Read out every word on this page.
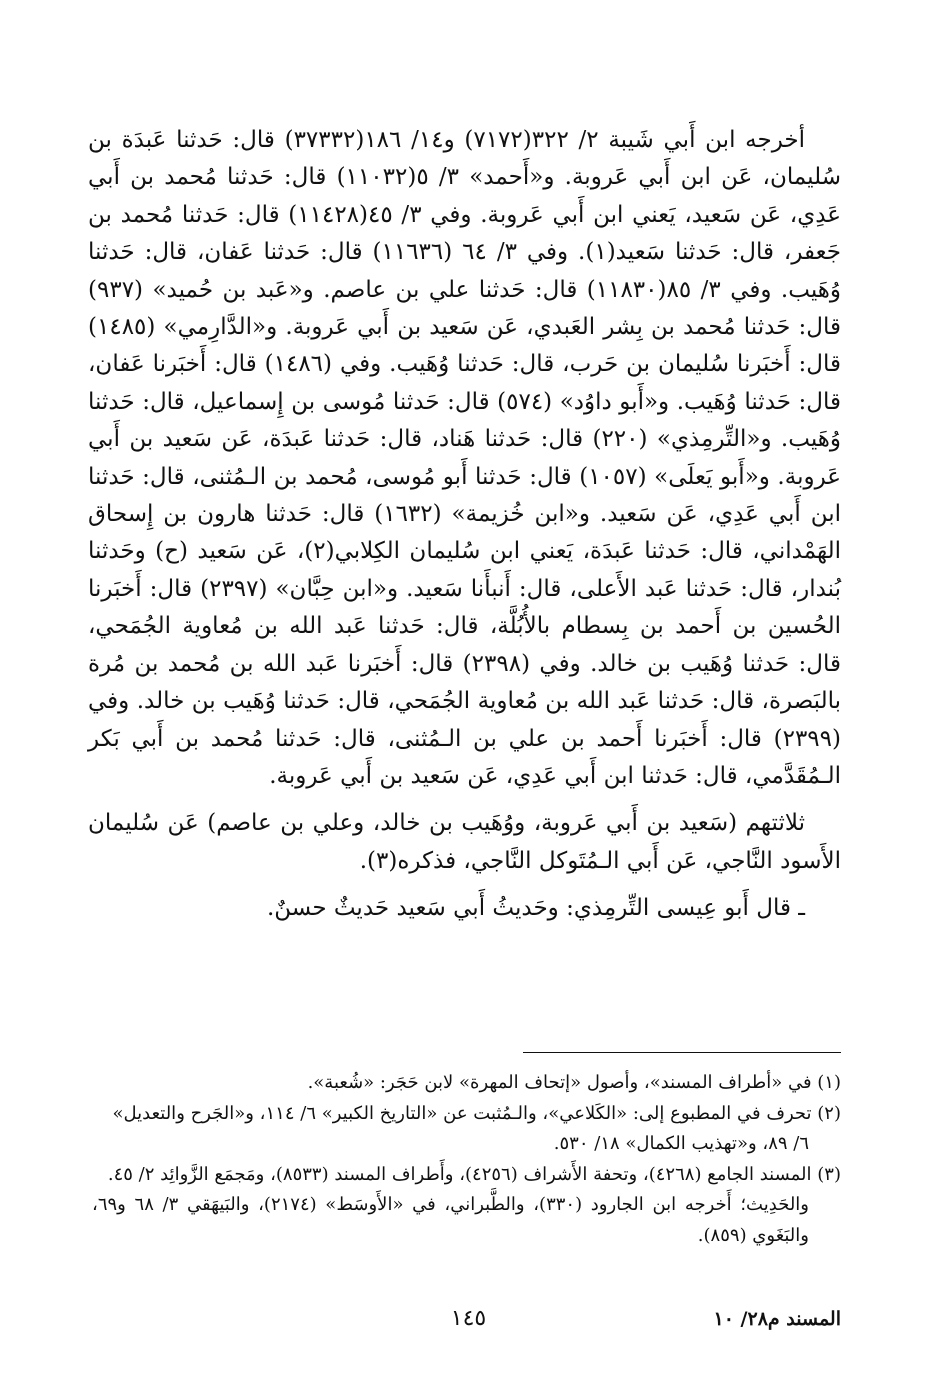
أخرجه ابن أَبي شَيبة ٢/ ٣٢٢(٧١٧٢) و١٤/ ١٨٦(٣٧٣٣٢) قال: حَدثنا عَبدَة بن سُليمان، عَن ابن أَبي عَروبة. و«أَحمد» ٣/ ٥(١١٠٣٢) قال: حَدثنا مُحمد بن أَبي عَدِي، عَن سَعيد، يَعني ابن أَبي عَروبة. وفي ٣/ ٤٥(١١٤٢٨) قال: حَدثنا مُحمد بن جَعفر، قال: حَدثنا سَعيد(١). وفي ٣/ ٦٤ (١١٦٣٦) قال: حَدثنا عَفان، قال: حَدثنا وُهَيب. وفي ٣/ ٨٥(١١٨٣٠) قال: حَدثنا علي بن عاصم. و«عَبد بن حُميد» (٩٣٧) قال: حَدثنا مُحمد بن بِشر العَبدي، عَن سَعيد بن أَبي عَروبة. و«الدَّارِمي» (١٤٨٥) قال: أَخبَرنا سُليمان بن حَرب، قال: حَدثنا وُهَيب. وفي (١٤٨٦) قال: أَخبَرنا عَفان، قال: حَدثنا وُهَيب. و«أَبو داوُد» (٥٧٤) قال: حَدثنا مُوسى بن إِسماعيل، قال: حَدثنا وُهَيب. و«التِّرمِذي» (٢٢٠) قال: حَدثنا هَناد، قال: حَدثنا عَبدَة، عَن سَعيد بن أَبي عَروبة. و«أَبو يَعلَى» (١٠٥٧) قال: حَدثنا أَبو مُوسى، مُحمد بن الـمُثنى، قال: حَدثنا ابن أَبي عَدِي، عَن سَعيد. و«ابن خُزيمة» (١٦٣٢) قال: حَدثنا هارون بن إِسحاق الهَمْداني، قال: حَدثنا عَبدَة، يَعني ابن سُليمان الكِلابي(٢)، عَن سَعيد (ح) وحَدثنا بُندار، قال: حَدثنا عَبد الأَعلى، قال: أَنبأَنا سَعيد. و«ابن حِبَّان» (٢٣٩٧) قال: أَخبَرنا الحُسين بن أَحمد بن بِسطام بالأُبُلَّة، قال: حَدثنا عَبد الله بن مُعاوية الجُمَحي، قال: حَدثنا وُهَيب بن خالد. وفي (٢٣٩٨) قال: أَخبَرنا عَبد الله بن مُحمد بن مُرة بالبَصرة، قال: حَدثنا عَبد الله بن مُعاوية الجُمَحي، قال: حَدثنا وُهَيب بن خالد. وفي (٢٣٩٩) قال: أَخبَرنا أَحمد بن علي بن الـمُثنى، قال: حَدثنا مُحمد بن أَبي بَكر الـمُقَدَّمي، قال: حَدثنا ابن أَبي عَدِي، عَن سَعيد بن أَبي عَروبة.

ثلاثتهم (سَعيد بن أَبي عَروبة، ووُهَيب بن خالد، وعلي بن عاصم) عَن سُليمان الأَسود النَّاجي، عَن أَبي الـمُتَوكل النَّاجي، فذكره(٣).

ـ قال أَبو عِيسى التِّرمِذي: وحَديثُ أَبي سَعيد حَديثٌ حسنٌ.

(١) في «أطراف المسند»، وأصول «إتحاف المهرة» لابن حَجَر: «شُعبة».
(٢) تحرف في المطبوع إلى: «الكَلاعي»، والـمُثبت عن «التاريخ الكبير» ٦/ ١١٤، و«الجَرح والتعديل»
٦/ ٨٩، و«تهذيب الكمال» ١٨/ ٥٣٠.
(٣) المسند الجامع (٤٢٦٨)، وتحفة الأَشراف (٤٢٥٦)، وأَطراف المسند (٨٥٣٣)، ومَجمَع الزَّوائِد ٢/ ٤٥.
والحَدِيث؛ أَخرجه ابن الجارود (٣٣٠)، والطَّبراني، في «الأَوسَط» (٢١٧٤)، والبَيهَقي ٣/ ٦٨ و٦٩، والبَغَوي (٨٥٩).
١٤٥	المسند م٢٨/ ١٠
